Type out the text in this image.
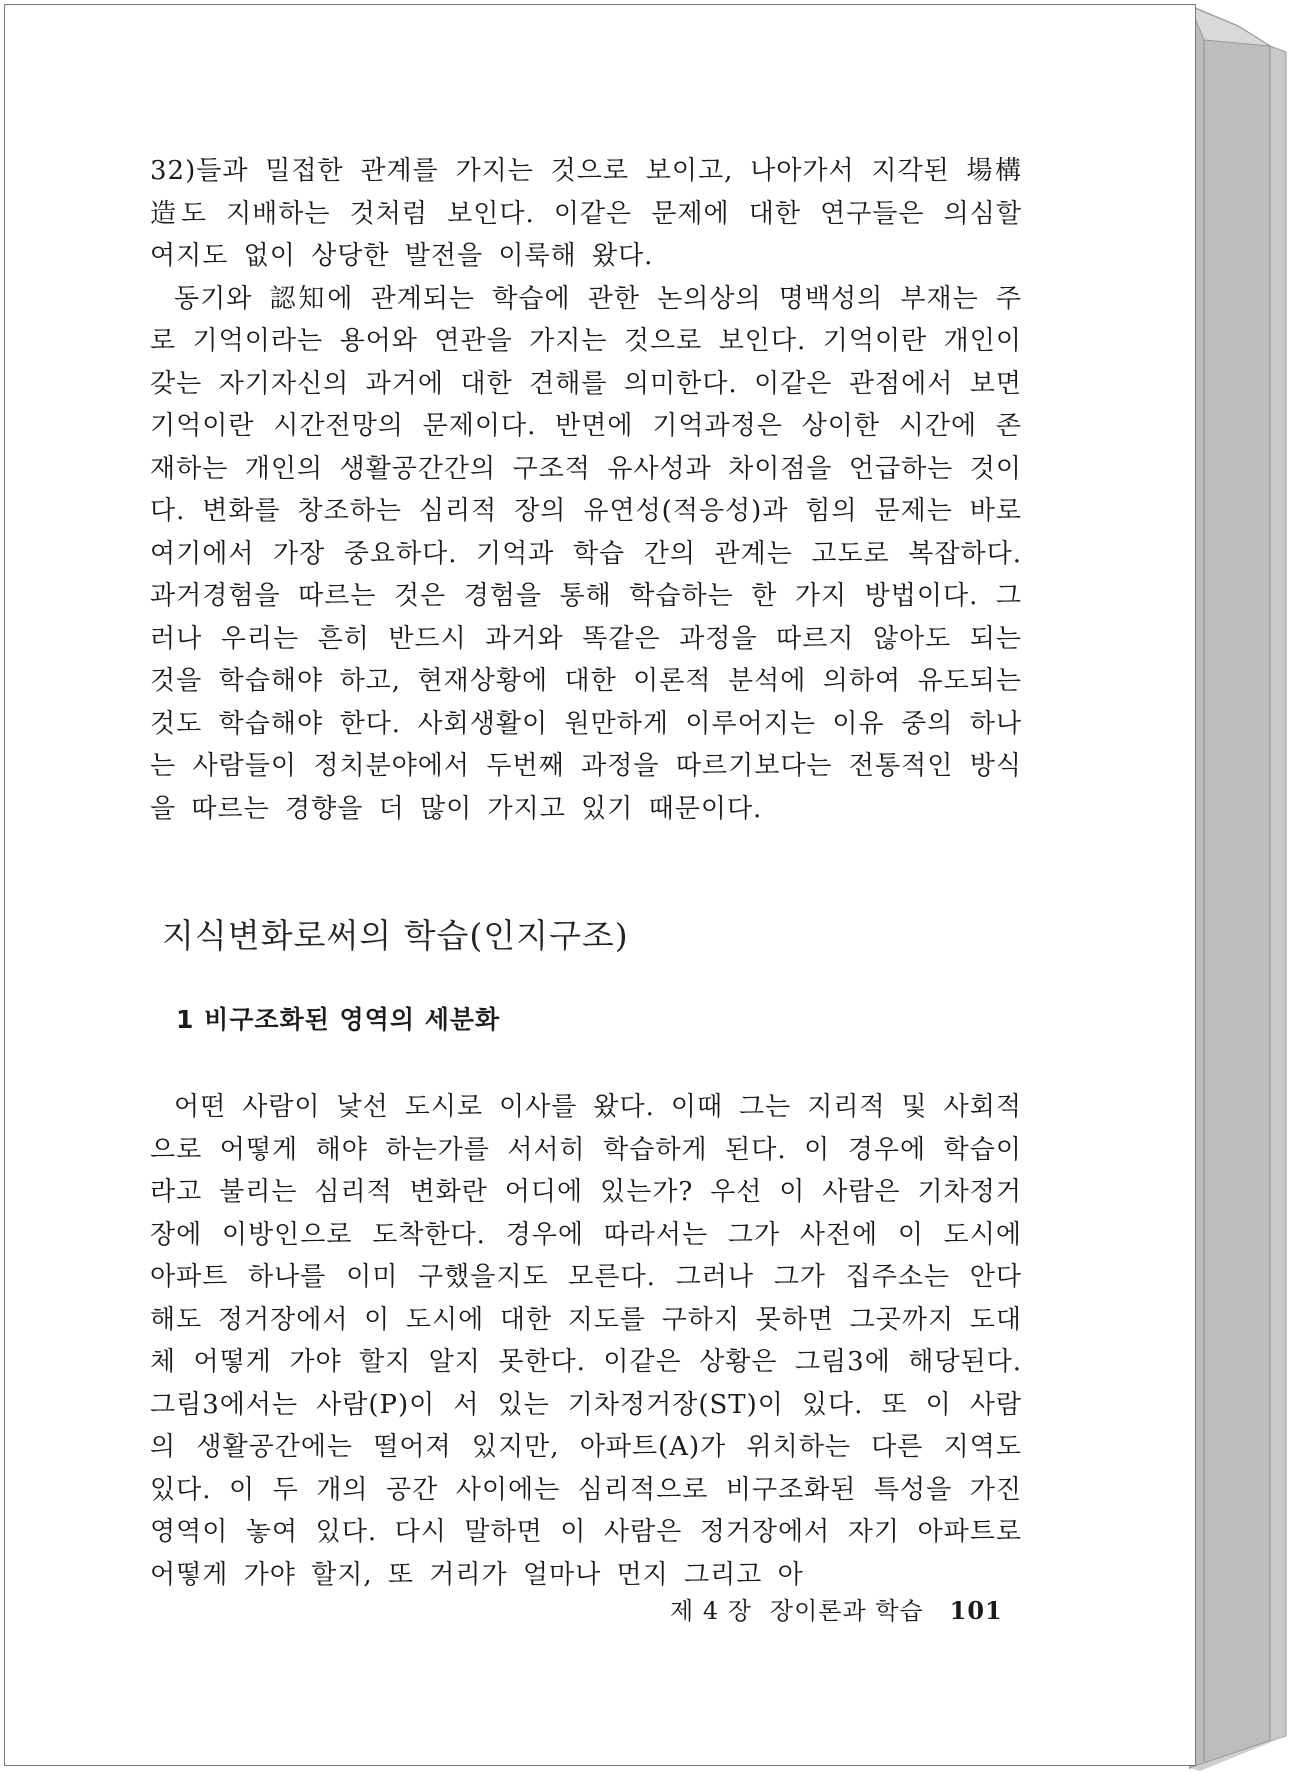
32)들과 밀접한 관계를 가지는 것으로 보이고, 나아가서 지각된 場構造도 지배하는 것처럼 보인다. 이같은 문제에 대한 연구들은 의심할 여지도 없이 상당한 발전을 이룩해 왔다.

동기와 認知에 관계되는 학습에 관한 논의상의 명백성의 부재는 주로 기억이라는 용어와 연관을 가지는 것으로 보인다. 기억이란 개인이 갖는 자기자신의 과거에 대한 견해를 의미한다. 이같은 관점에서 보면 기억이란 시간전망의 문제이다. 반면에 기억과정은 상이한 시간에 존재하는 개인의 생활공간간의 구조적 유사성과 차이점을 언급하는 것이다. 변화를 창조하는 심리적 장의 유연성(적응성)과 힘의 문제는 바로 여기에서 가장 중요하다. 기억과 학습 간의 관계는 고도로 복잡하다. 과거경험을 따르는 것은 경험을 통해 학습하는 한 가지 방법이다. 그러나 우리는 흔히 반드시 과거와 똑같은 과정을 따르지 않아도 되는 것을 학습해야 하고, 현재상황에 대한 이론적 분석에 의하여 유도되는 것도 학습해야 한다. 사회생활이 원만하게 이루어지는 이유 중의 하나는 사람들이 정치분야에서 두번째 과정을 따르기보다는 전통적인 방식을 따르는 경향을 더 많이 가지고 있기 때문이다.

지식변화로써의 학습(인지구조)
1 비구조화된 영역의 세분화

어떤 사람이 낯선 도시로 이사를 왔다. 이때 그는 지리적 및 사회적으로 어떻게 해야 하는가를 서서히 학습하게 된다. 이 경우에 학습이라고 불리는 심리적 변화란 어디에 있는가? 우선 이 사람은 기차정거장에 이방인으로 도착한다. 경우에 따라서는 그가 사전에 이 도시에 아파트 하나를 이미 구했을지도 모른다. 그러나 그가 집주소는 안다 해도 정거장에서 이 도시에 대한 지도를 구하지 못하면 그곳까지 도대체 어떻게 가야 할지 알지 못한다. 이같은 상황은 그림3에 해당된다. 그림3에서는 사람(P)이 서 있는 기차정거장(ST)이 있다. 또 이 사람의 생활공간에는 떨어져 있지만, 아파트(A)가 위치하는 다른 지역도 있다. 이 두 개의 공간 사이에는 심리적으로 비구조화된 특성을 가진 영역이 놓여 있다. 다시 말하면 이 사람은 정거장에서 자기 아파트로 어떻게 가야 할지, 또 거리가 얼마나 먼지 그리고 아

제 4 장 장이론과 학습 101
